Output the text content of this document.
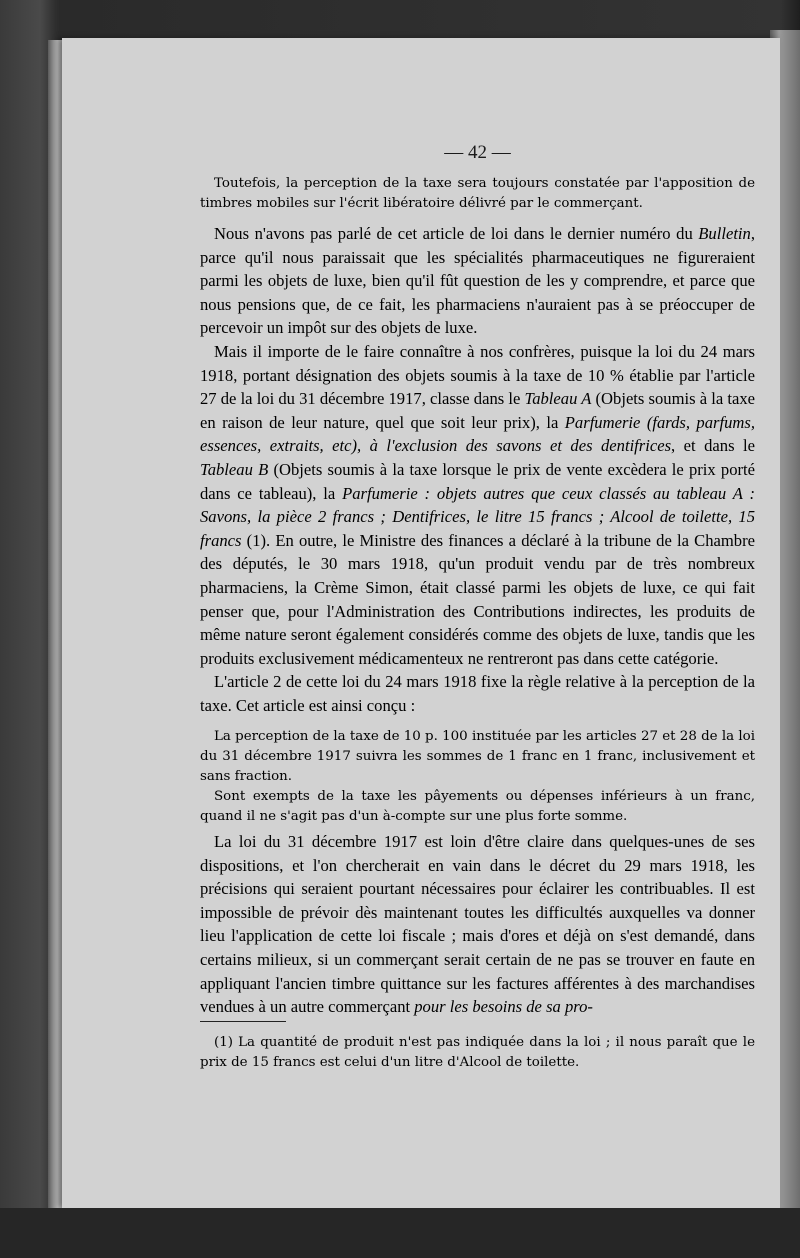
— 42 —

Toutefois, la perception de la taxe sera toujours constatée par l'apposition de timbres mobiles sur l'écrit libératoire délivré par le commerçant.

Nous n'avons pas parlé de cet article de loi dans le dernier numéro du Bulletin, parce qu'il nous paraissait que les spécialités pharmaceutiques ne figureraient parmi les objets de luxe, bien qu'il fût question de les y comprendre, et parce que nous pensions que, de ce fait, les pharmaciens n'auraient pas à se préoccuper de percevoir un impôt sur des objets de luxe.

Mais il importe de le faire connaître à nos confrères, puisque la loi du 24 mars 1918, portant désignation des objets soumis à la taxe de 10 % établie par l'article 27 de la loi du 31 décembre 1917, classe dans le Tableau A (Objets soumis à la taxe en raison de leur nature, quel que soit leur prix), la Parfumerie (fards, parfums, essences, extraits, etc), à l'exclusion des savons et des dentifrices, et dans le Tableau B (Objets soumis à la taxe lorsque le prix de vente excèdera le prix porté dans ce tableau), la Parfumerie : objets autres que ceux classés au tableau A : Savons, la pièce 2 francs ; Dentifrices, le litre 15 francs ; Alcool de toilette, 15 francs (1). En outre, le Ministre des finances a déclaré à la tribune de la Chambre des députés, le 30 mars 1918, qu'un produit vendu par de très nombreux pharmaciens, la Crème Simon, était classé parmi les objets de luxe, ce qui fait penser que, pour l'Administration des Contributions indirectes, les produits de même nature seront également considérés comme des objets de luxe, tandis que les produits exclusivement médicamenteux ne rentreront pas dans cette catégorie.

L'article 2 de cette loi du 24 mars 1918 fixe la règle relative à la perception de la taxe. Cet article est ainsi conçu :

La perception de la taxe de 10 p. 100 instituée par les articles 27 et 28 de la loi du 31 décembre 1917 suivra les sommes de 1 franc en 1 franc, inclusivement et sans fraction.

Sont exempts de la taxe les pâyements ou dépenses inférieurs à un franc, quand il ne s'agit pas d'un à-compte sur une plus forte somme.

La loi du 31 décembre 1917 est loin d'être claire dans quelques-unes de ses dispositions, et l'on chercherait en vain dans le décret du 29 mars 1918, les précisions qui seraient pourtant nécessaires pour éclairer les contribuables. Il est impossible de prévoir dès maintenant toutes les difficultés auxquelles va donner lieu l'application de cette loi fiscale ; mais d'ores et déjà on s'est demandé, dans certains milieux, si un commerçant serait certain de ne pas se trouver en faute en appliquant l'ancien timbre quittance sur les factures afférentes à des marchandises vendues à un autre commerçant pour les besoins de sa pro-

(1) La quantité de produit n'est pas indiquée dans la loi ; il nous paraît que le prix de 15 francs est celui d'un litre d'Alcool de toilette.
